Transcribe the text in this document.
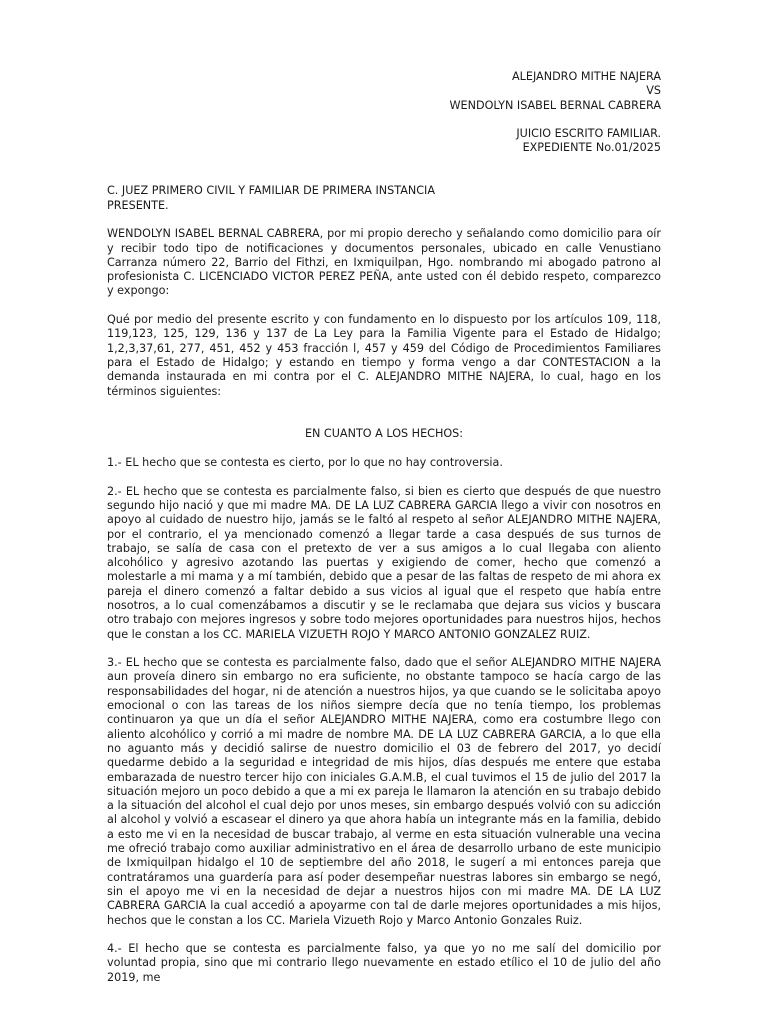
ALEJANDRO MITHE NAJERA
VS
WENDOLYN ISABEL BERNAL CABRERA
JUICIO ESCRITO FAMILIAR.
EXPEDIENTE No.01/2025
C. JUEZ PRIMERO CIVIL Y FAMILIAR DE PRIMERA INSTANCIA
PRESENTE.

WENDOLYN ISABEL BERNAL CABRERA, por mi propio derecho y señalando como domicilio para oír y recibir todo tipo de notificaciones y documentos personales, ubicado en calle Venustiano Carranza número 22, Barrio del Fithzi, en Ixmiquilpan, Hgo. nombrando mi abogado patrono al profesionista C. LICENCIADO VICTOR PEREZ PEÑA, ante usted con él debido respeto, comparezco y expongo:

Qué por medio del presente escrito y con fundamento en lo dispuesto por los artículos 109, 118, 119,123, 125, 129, 136 y 137 de La Ley para la Familia Vigente para el Estado de Hidalgo; 1,2,3,37,61, 277, 451, 452 y 453 fracción l, 457 y 459 del Código de Procedimientos Familiares para el Estado de Hidalgo; y estando en tiempo y forma vengo a dar CONTESTACION a la demanda instaurada en mi contra por el C. ALEJANDRO MITHE NAJERA, lo cual, hago en los términos siguientes:

EN CUANTO A LOS HECHOS:

1.- EL hecho que se contesta es cierto, por lo que no hay controversia.

2.- EL hecho que se contesta es parcialmente falso, si bien es cierto que después de que nuestro segundo hijo nació y que mi madre MA. DE LA LUZ CABRERA GARCIA llego a vivir con nosotros en apoyo al cuidado de nuestro hijo, jamás se le faltó al respeto al señor ALEJANDRO MITHE NAJERA, por el contrario, el ya mencionado comenzó a llegar tarde a casa después de sus turnos de trabajo, se salía de casa con el pretexto de ver a sus amigos a lo cual llegaba con aliento alcohólico y agresivo azotando las puertas y exigiendo de comer, hecho que comenzó a molestarle a mi mama y a mí también, debido que a pesar de las faltas de respeto de mi ahora ex pareja el dinero comenzó a faltar debido a sus vicios al igual que el respeto que había entre nosotros, a lo cual comenzábamos a discutir y se le reclamaba que dejara sus vicios y buscara otro trabajo con mejores ingresos y sobre todo mejores oportunidades para nuestros hijos, hechos que le constan a los CC. MARIELA VIZUETH ROJO Y MARCO ANTONIO GONZALEZ RUIZ.

3.- EL hecho que se contesta es parcialmente falso, dado que el señor ALEJANDRO MITHE NAJERA aun proveía dinero sin embargo no era suficiente, no obstante tampoco se hacía cargo de las responsabilidades del hogar, ni de atención a nuestros hijos, ya que cuando se le solicitaba apoyo emocional o con las tareas de los niños siempre decía que no tenía tiempo, los problemas continuaron ya que un día el señor ALEJANDRO MITHE NAJERA, como era costumbre llego con aliento alcohólico y corrió a mi madre de nombre MA. DE LA LUZ CABRERA GARCIA, a lo que ella no aguanto más y decidió salirse de nuestro domicilio el 03 de febrero del 2017, yo decidí quedarme debido a la seguridad e integridad de mis hijos, días después me entere que estaba embarazada de nuestro tercer hijo con iniciales G.A.M.B, el cual tuvimos el 15 de julio del 2017 la situación mejoro un poco debido a que a mi ex pareja le llamaron la atención en su trabajo debido a la situación del alcohol el cual dejo por unos meses, sin embargo después volvió con su adicción al alcohol y volvió a escasear el dinero ya que ahora había un integrante más en la familia, debido a esto me vi en la necesidad de buscar trabajo, al verme en esta situación vulnerable una vecina me ofreció trabajo como auxiliar administrativo en el área de desarrollo urbano de este municipio de Ixmiquilpan hidalgo el 10 de septiembre del año 2018, le sugerí a mi entonces pareja que contratáramos una guardería para así poder desempeñar nuestras labores sin embargo se negó, sin el apoyo me vi en la necesidad de dejar a nuestros hijos con mi madre MA. DE LA LUZ CABRERA GARCIA la cual accedió a apoyarme con tal de darle mejores oportunidades a mis hijos, hechos que le constan a los CC. Mariela Vizueth Rojo y Marco Antonio Gonzales Ruiz.

4.- El hecho que se contesta es parcialmente falso, ya que yo no me salí del domicilio por voluntad propia, sino que mi contrario llego nuevamente en estado etílico el 10 de julio del año 2019, me
